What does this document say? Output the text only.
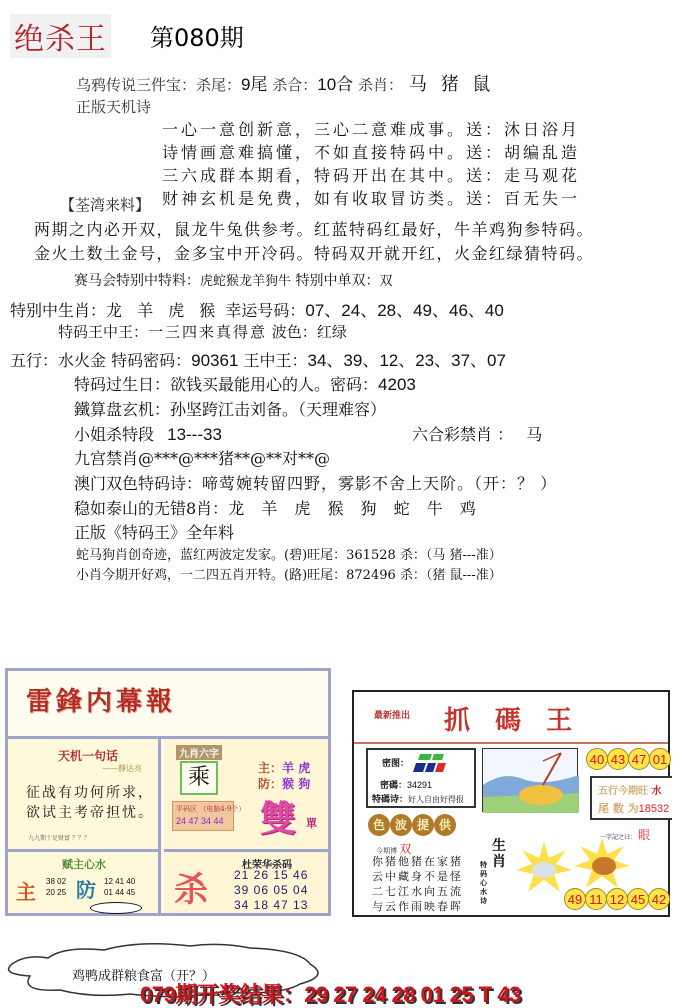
绝杀王 第080期
乌鸦传说三件宝：杀尾：9尾 杀合：10合 杀肖： 马 猪 鼠
正版天机诗
一心一意创新意，三心二意难成事。送：沐日浴月
诗情画意难搞懂，不如直接特码中。送：胡编乱造
三六成群本期看，特码开出在其中。送：走马观花
财神玄机是免费，如有收取冒访类。送：百无失一
【荃湾来料】
两期之内必开双，鼠龙牛兔供参考。红蓝特码红最好，牛羊鸡狗参特码。
金火土数土金号，金多宝中开冷码。特码双开就开红，火金红绿猜特码。
赛马会特别中特料：虎蛇猴龙羊狗牛 特别中单双：双
特别中生肖：龙 羊 虎 猴 幸运号码：07、24、28、49、46、40
特码王中王：一三四来真得意 波色：红绿
五行：水火金 特码密码：90361 王中王：34、39、12、23、37、07
特码过生日：欲钱买最能用心的人。密码：4203
鐵算盘玄机：孙坚跨江击刘备。（天理难容）
小姐杀特段 13---33	六合彩禁肖 ： 马
九宫禁肖@***@***猪**@**对**@
澳门双色特码诗：啼莺婉转留四野，雾影不舍上天阶。（开：？ ）
稳如泰山的无错8肖：龙 羊 虎 猴 狗 蛇 牛 鸡
正版《特码王》全年料
蛇马狗肖创奇迹，蓝红两波定发家。(碧)旺尾：361528 杀：（马 猪---准）
小肖今期开好鸡，一二四五肖开特。(路)旺尾：872496 杀：（猪 鼠---准）
雷鋒内幕報
天机一句话
——靜达亮
征战有功何所求，
欲试主考帝担忧。
九九期十足财富 ？？？
九肖六字
乘
平码区 （电脑4-9个）
24 47 34 44
主：羊 虎
防：猴 狗
雙 單
赋主心水
主 38 02
20 25 防 12 41 40
01 44 45 杀
杜荣华杀码
21 26 15 46
39 06 05 04
34 18 47 13
最新推出 抓 碼 王
密图：
密碼：34291
特碼诗：好人自由好得报
40 43 47 01
五行今期旺 水
尾 数 为18532
色 波 提 供
今期博 双
你猪他猪在家猪
云中藏身不是怪
二七江水向五流
与云作雨映春晖
生肖
特码心水诗
一字記之曰： 眼
49 11 12 45 42
鸡鸭成群粮食富（开？）
079期开奖结果：29 27 24 28 01 25 T 43
